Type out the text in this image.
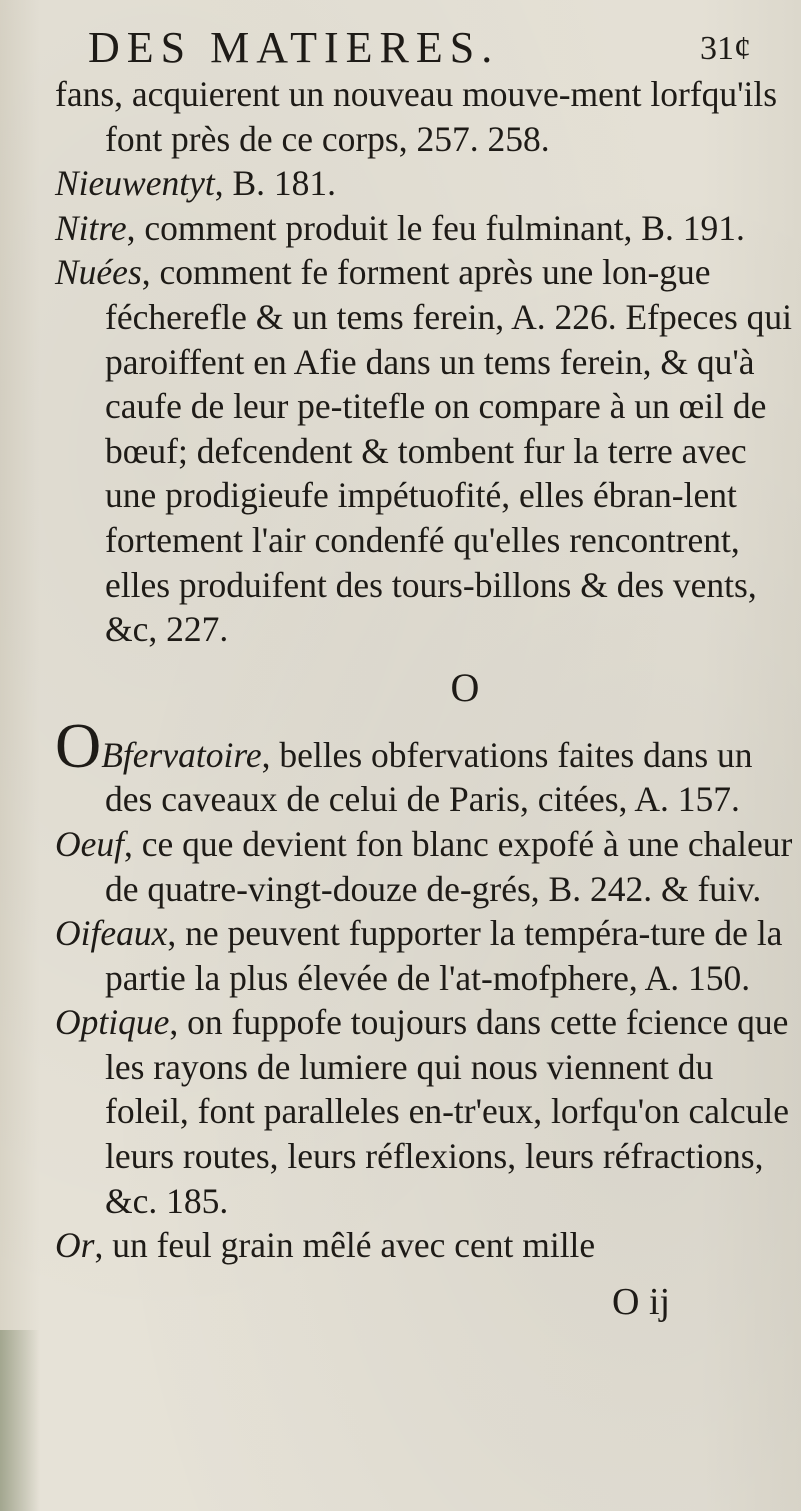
DES MATIERES.	31¢

fans, acquierent un nouveau mouve-ment lorfqu'ils font près de ce corps, 257. 258.

Nieuwentyt, B. 181.

Nitre, comment produit le feu fulminant, B. 191.

Nuées, comment fe forment après une lon-gue fécherefle & un tems ferein, A. 226. Efpeces qui paroiffent en Afie dans un tems ferein, & qu'à caufe de leur pe-titefle on compare à un œil de bœuf; defcendent & tombent fur la terre avec une prodigieufe impétuofité, elles ébran-lent fortement l'air condenfé qu'elles rencontrent, elles produifent des tours-billons & des vents, &c, 227.

O

OBfervatoire, belles obfervations faites dans un des caveaux de celui de Paris, citées, A. 157.

Oeuf, ce que devient fon blanc expofé à une chaleur de quatre-vingt-douze de-grés, B. 242. & fuiv.

Oifeaux, ne peuvent fupporter la tempéra-ture de la partie la plus élevée de l'at-mofphere, A. 150.

Optique, on fuppofe toujours dans cette fcience que les rayons de lumiere qui nous viennent du foleil, font paralleles en-tr'eux, lorfqu'on calcule leurs routes, leurs réflexions, leurs réfractions, &c. 185.

Or, un feul grain mêlé avec cent mille

O ij
